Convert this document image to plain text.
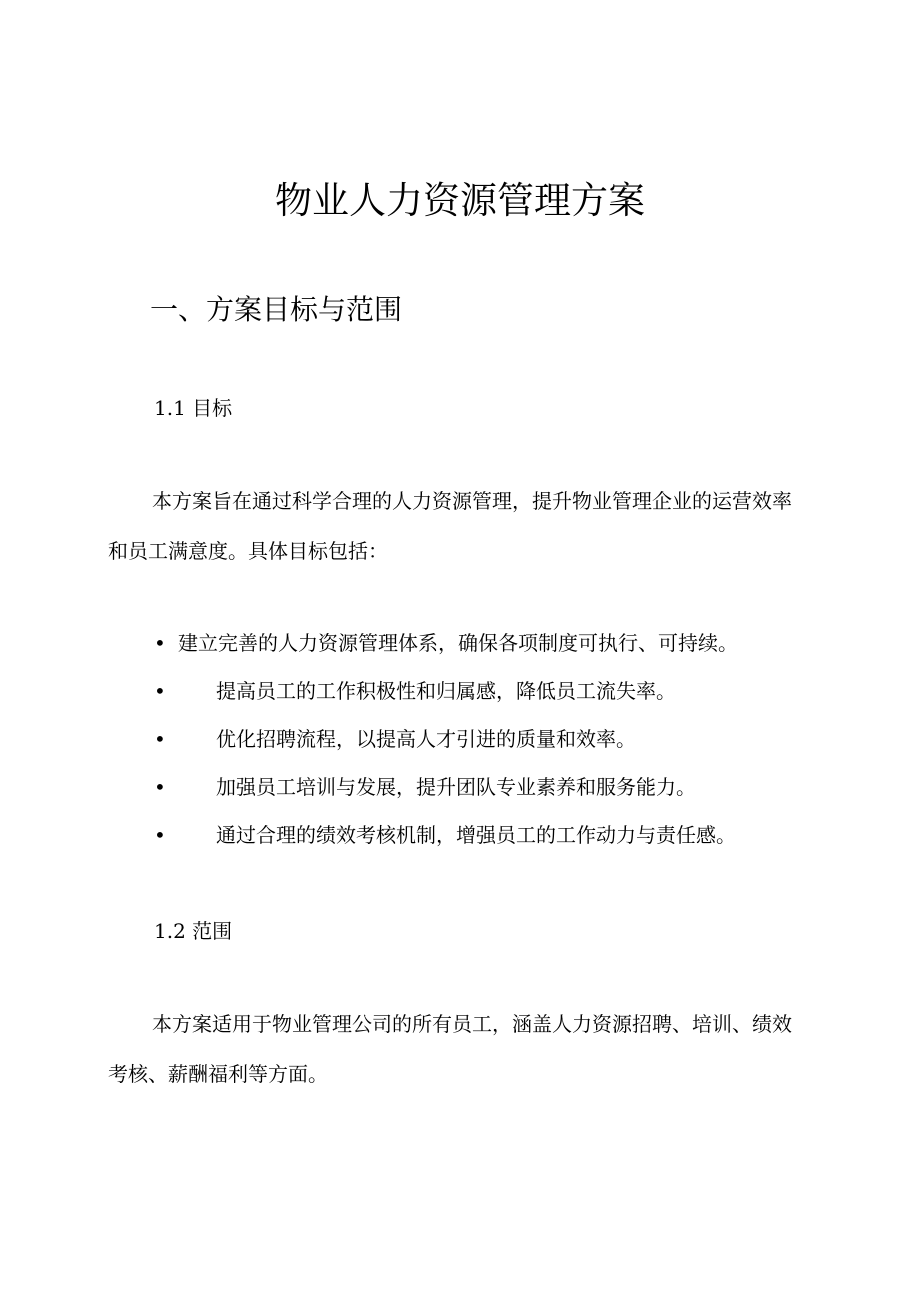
物业人力资源管理方案
一、方案目标与范围
1.1 目标

本方案旨在通过科学合理的人力资源管理，提升物业管理企业的运营效率和员工满意度。具体目标包括：

• 建立完善的人力资源管理体系，确保各项制度可执行、可持续。
•	提高员工的工作积极性和归属感，降低员工流失率。
•	优化招聘流程，以提高人才引进的质量和效率。
•	加强员工培训与发展，提升团队专业素养和服务能力。
•	通过合理的绩效考核机制，增强员工的工作动力与责任感。
1.2 范围

本方案适用于物业管理公司的所有员工，涵盖人力资源招聘、培训、绩效考核、薪酬福利等方面。
